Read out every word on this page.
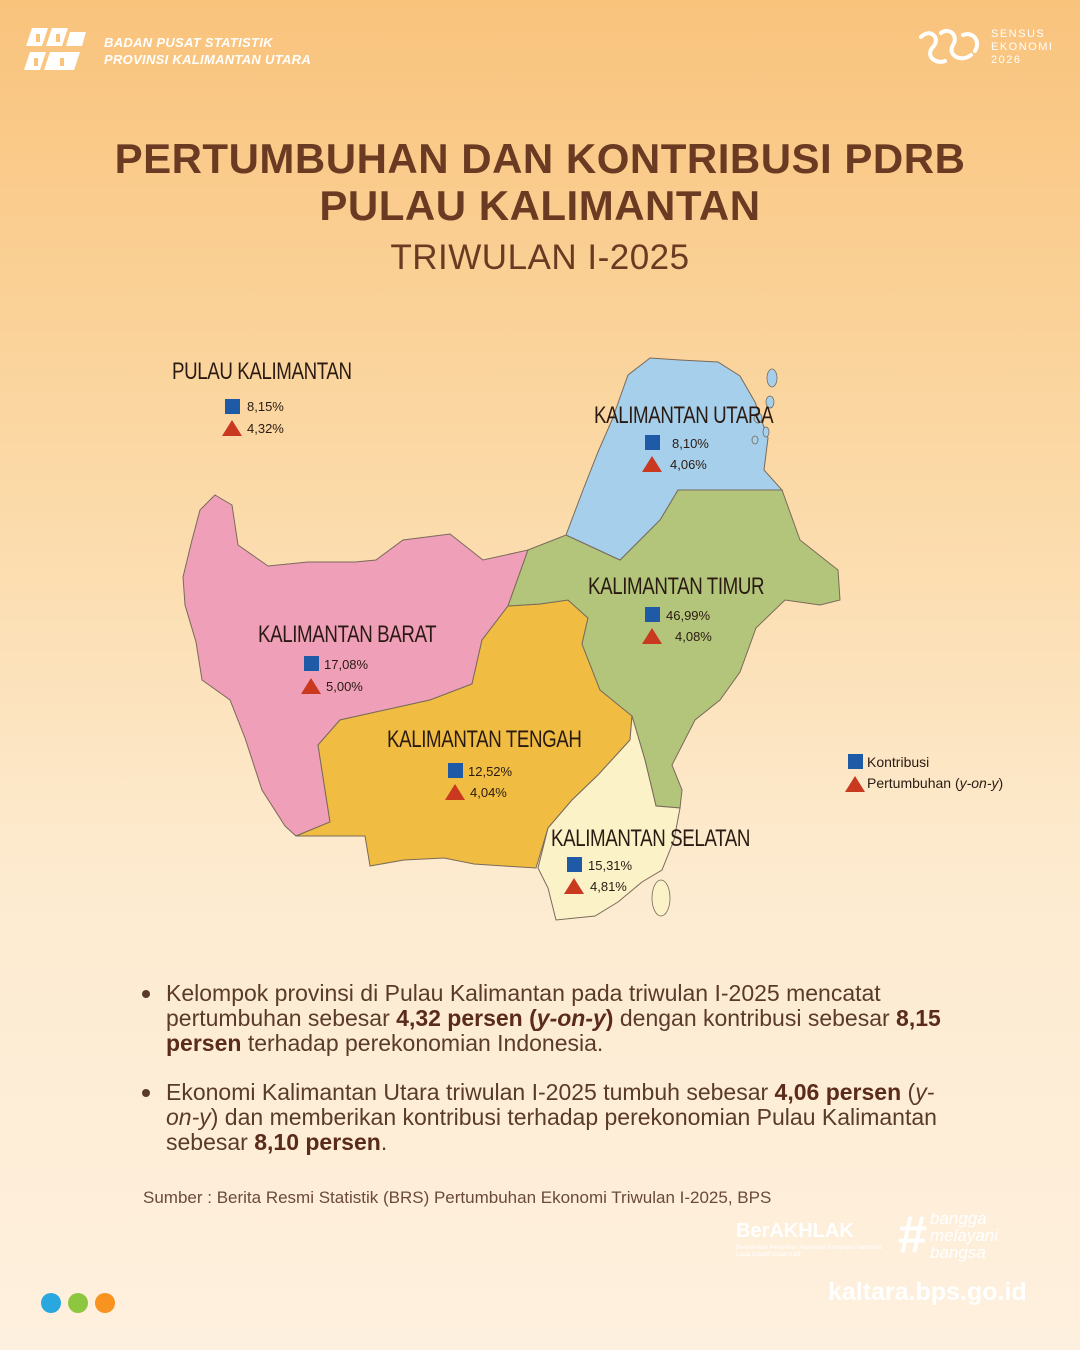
BADAN PUSAT STATISTIK
PROVINSI KALIMANTAN UTARA
SENSUS
EKONOMI
2026
PERTUMBUHAN DAN KONTRIBUSI PDRB
PULAU KALIMANTAN
TRIWULAN I-2025
PULAU KALIMANTAN
8,15%
4,32%	KALIMANTAN UTARA
8,10%
4,06%
KALIMANTAN TIMUR
46,99%
4,08%
KALIMANTAN BARAT
17,08%
5,00%
KALIMANTAN TENGAH
12,52%
4,04%
KALIMANTAN SELATAN
15,31%
4,81%
Kontribusi
Pertumbuhan (y-on-y)
Kelompok provinsi di Pulau Kalimantan pada triwulan I-2025 mencatat pertumbuhan sebesar 4,32 persen (y-on-y) dengan kontribusi sebesar 8,15 persen terhadap perekonomian Indonesia.
Ekonomi Kalimantan Utara triwulan I-2025 tumbuh sebesar 4,06 persen (y-on-y) dan memberikan kontribusi terhadap perekonomian Pulau Kalimantan sebesar 8,10 persen.
Sumber : Berita Resmi Statistik (BRS) Pertumbuhan Ekonomi Triwulan I-2025, BPS
BerAKHLAK
Berorientasi Pelayanan Akuntabel Kompeten Harmonis Loyal Adaptif Kolaboratif	# bangga
melayani
bangsa
kaltara.bps.go.id
